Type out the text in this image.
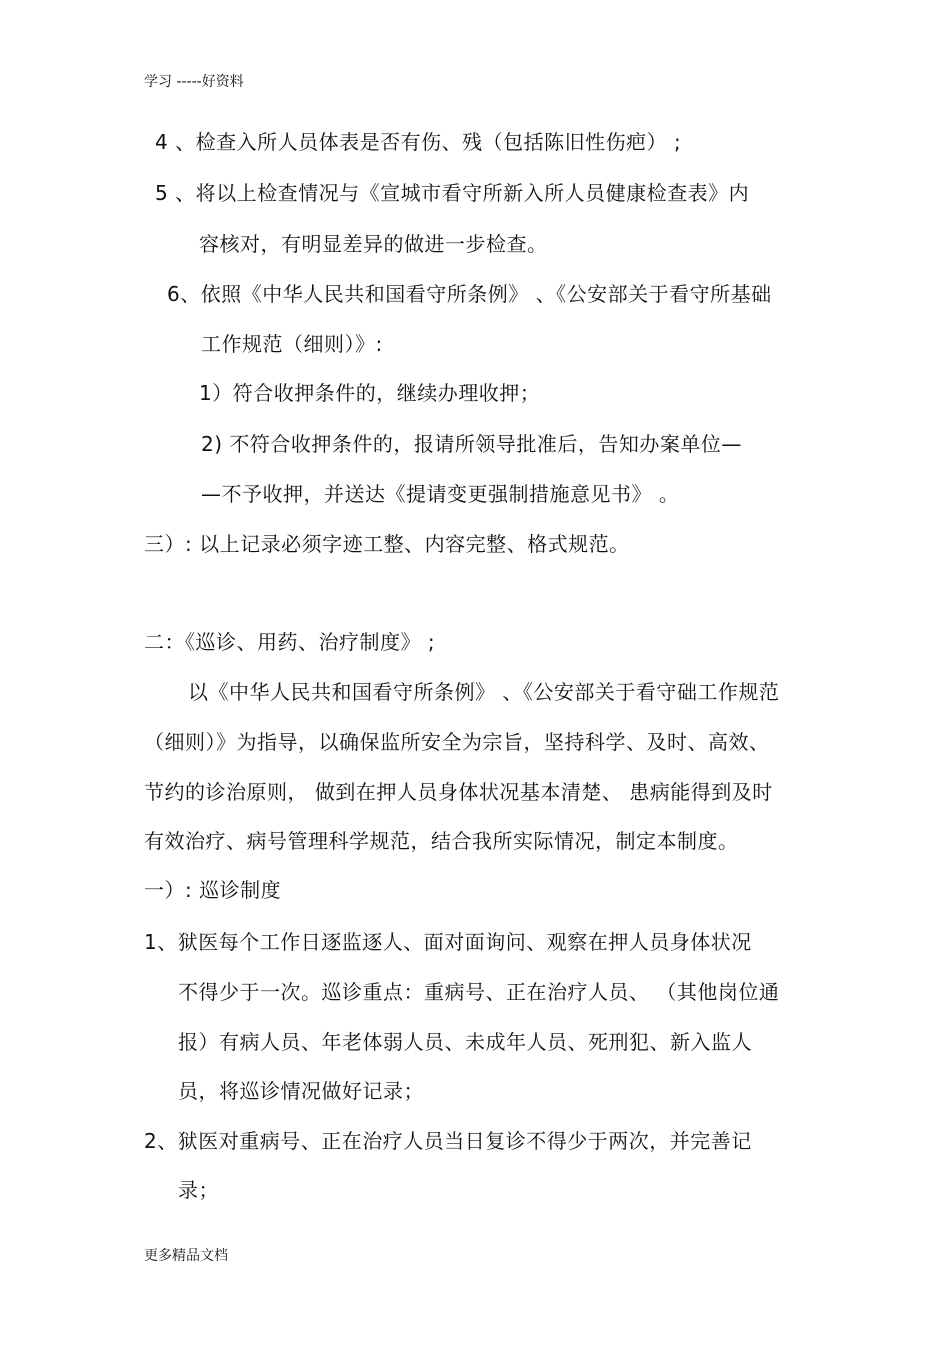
学习 -----好资料
4 、检查入所人员体表是否有伤、残（包括陈旧性伤疤） ;
5 、将以上检查情况与《宣城市看守所新入所人员健康检查表》内
容核对，有明显差异的做进一步检查。
6、依照《中华人民共和国看守所条例》 、《公安部关于看守所基础
工作规范（细则）》:
1）符合收押条件的，继续办理收押；
2) 不符合收押条件的，报请所领导批准后，告知办案单位—
—不予收押，并送达《提请变更强制措施意见书》 。
三）: 以上记录必须字迹工整、内容完整、格式规范。
二：《巡诊、用药、治疗制度》 ;
以《中华人民共和国看守所条例》 、《公安部关于看守础工作规范
（细则）》为指导，以确保监所安全为宗旨，坚持科学、及时、高效、
节约的诊治原则， 做到在押人员身体状况基本清楚、 患病能得到及时
有效治疗、病号管理科学规范，结合我所实际情况，制定本制度。
一）: 巡诊制度
1、狱医每个工作日逐监逐人、面对面询问、观察在押人员身体状况
不得少于一次。巡诊重点：重病号、正在治疗人员、 （其他岗位通
报）有病人员、年老体弱人员、未成年人员、死刑犯、新入监人
员，将巡诊情况做好记录；
2、狱医对重病号、正在治疗人员当日复诊不得少于两次，并完善记
录；
更多精品文档
